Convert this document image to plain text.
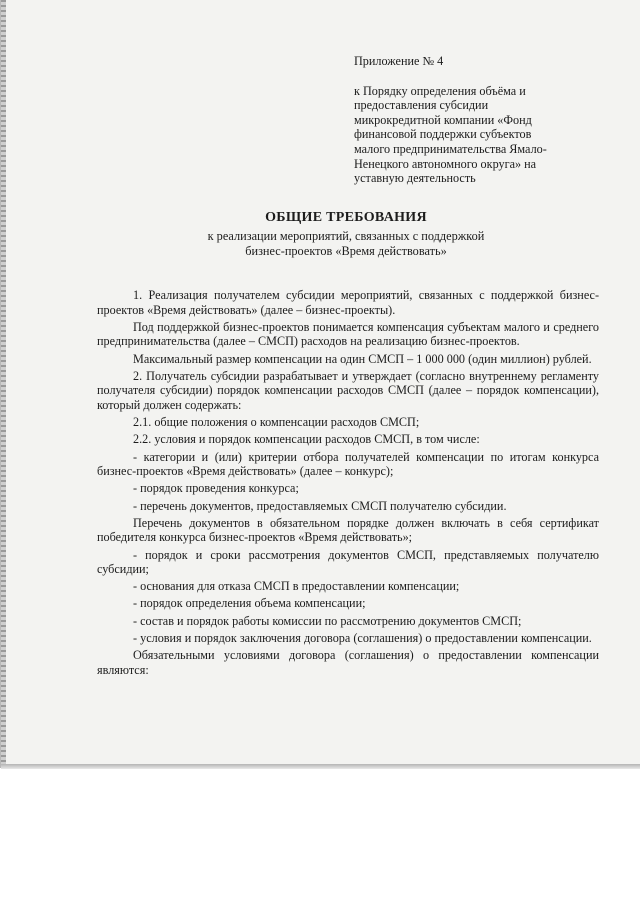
Приложение № 4
к Порядку определения объёма и
предоставления субсидии
микрокредитной компании «Фонд
финансовой поддержки субъектов
малого предпринимательства Ямало-
Ненецкого автономного округа» на
уставную деятельность
ОБЩИЕ ТРЕБОВАНИЯ
к реализации мероприятий, связанных с поддержкой
бизнес-проектов «Время действовать»

1. Реализация получателем субсидии мероприятий, связанных с поддержкой бизнес-проектов «Время действовать» (далее – бизнес-проекты).

Под поддержкой бизнес-проектов понимается компенсация субъектам малого и среднего предпринимательства (далее – СМСП) расходов на реализацию бизнес-проектов.

Максимальный размер компенсации на один СМСП – 1 000 000 (один миллион) рублей.

2. Получатель субсидии разрабатывает и утверждает (согласно внутреннему регламенту получателя субсидии) порядок компенсации расходов СМСП (далее – порядок компенсации), который должен содержать:

2.1. общие положения о компенсации расходов СМСП;

2.2. условия и порядок компенсации расходов СМСП, в том числе:

- категории и (или) критерии отбора получателей компенсации по итогам конкурса бизнес-проектов «Время действовать» (далее – конкурс);

- порядок проведения конкурса;

- перечень документов, предоставляемых СМСП получателю субсидии.

Перечень документов в обязательном порядке должен включать в себя сертификат победителя конкурса бизнес-проектов «Время действовать»;

- порядок и сроки рассмотрения документов СМСП, представляемых получателю субсидии;

- основания для отказа СМСП в предоставлении компенсации;

- порядок определения объема компенсации;

- состав и порядок работы комиссии по рассмотрению документов СМСП;

- условия и порядок заключения договора (соглашения) о предоставлении компенсации.

Обязательными условиями договора (соглашения) о предоставлении компенсации являются:
